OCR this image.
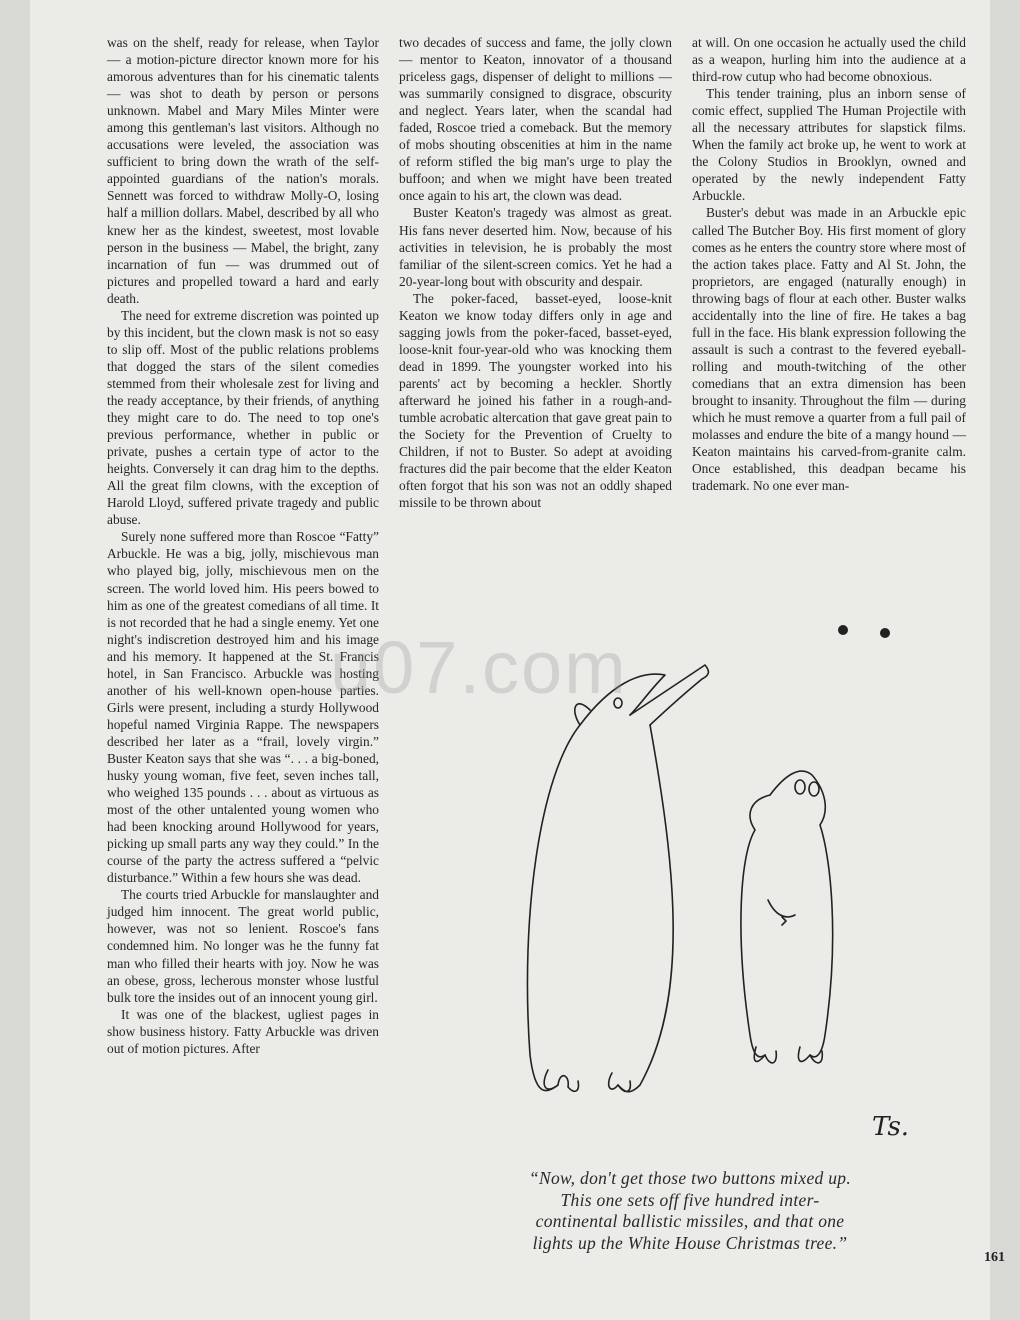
was on the shelf, ready for release, when Taylor — a motion-picture director known more for his amorous adventures than for his cinematic talents — was shot to death by person or persons unknown. Mabel and Mary Miles Minter were among this gentleman's last visitors. Although no accusations were leveled, the association was sufficient to bring down the wrath of the self-appointed guardians of the nation's morals. Sennett was forced to withdraw Molly-O, losing half a million dollars. Mabel, described by all who knew her as the kindest, sweetest, most lovable person in the business — Mabel, the bright, zany incarnation of fun — was drummed out of pictures and propelled toward a hard and early death.

The need for extreme discretion was pointed up by this incident, but the clown mask is not so easy to slip off. Most of the public relations problems that dogged the stars of the silent comedies stemmed from their wholesale zest for living and the ready acceptance, by their friends, of anything they might care to do. The need to top one's previous performance, whether in public or private, pushes a certain type of actor to the heights. Conversely it can drag him to the depths. All the great film clowns, with the exception of Harold Lloyd, suffered private tragedy and public abuse.

Surely none suffered more than Roscoe “Fatty” Arbuckle. He was a big, jolly, mischievous man who played big, jolly, mischievous men on the screen. The world loved him. His peers bowed to him as one of the greatest comedians of all time. It is not recorded that he had a single enemy. Yet one night's indiscretion destroyed him and his image and his memory. It happened at the St. Francis hotel, in San Francisco. Arbuckle was hosting another of his well-known open-house parties. Girls were present, including a sturdy Hollywood hopeful named Virginia Rappe. The newspapers described her later as a “frail, lovely virgin.” Buster Keaton says that she was “. . . a big-boned, husky young woman, five feet, seven inches tall, who weighed 135 pounds . . . about as virtuous as most of the other untalented young women who had been knocking around Hollywood for years, picking up small parts any way they could.” In the course of the party the actress suffered a “pelvic disturbance.” Within a few hours she was dead.

The courts tried Arbuckle for manslaughter and judged him innocent. The great world public, however, was not so lenient. Roscoe's fans condemned him. No longer was he the funny fat man who filled their hearts with joy. Now he was an obese, gross, lecherous monster whose lustful bulk tore the insides out of an innocent young girl.

It was one of the blackest, ugliest pages in show business history. Fatty Arbuckle was driven out of motion pictures. After

two decades of success and fame, the jolly clown — mentor to Keaton, innovator of a thousand priceless gags, dispenser of delight to millions — was summarily consigned to disgrace, obscurity and neglect. Years later, when the scandal had faded, Roscoe tried a comeback. But the memory of mobs shouting obscenities at him in the name of reform stifled the big man's urge to play the buffoon; and when we might have been treated once again to his art, the clown was dead.

Buster Keaton's tragedy was almost as great. His fans never deserted him. Now, because of his activities in television, he is probably the most familiar of the silent-screen comics. Yet he had a 20-year-long bout with obscurity and despair.

The poker-faced, basset-eyed, loose-knit Keaton we know today differs only in age and sagging jowls from the poker-faced, basset-eyed, loose-knit four-year-old who was knocking them dead in 1899. The youngster worked into his parents' act by becoming a heckler. Shortly afterward he joined his father in a rough-and-tumble acrobatic altercation that gave great pain to the Society for the Prevention of Cruelty to Children, if not to Buster. So adept at avoiding fractures did the pair become that the elder Keaton often forgot that his son was not an oddly shaped missile to be thrown about

at will. On one occasion he actually used the child as a weapon, hurling him into the audience at a third-row cutup who had become obnoxious.

This tender training, plus an inborn sense of comic effect, supplied The Human Projectile with all the necessary attributes for slapstick films. When the family act broke up, he went to work at the Colony Studios in Brooklyn, owned and operated by the newly independent Fatty Arbuckle.

Buster's debut was made in an Arbuckle epic called The Butcher Boy. His first moment of glory comes as he enters the country store where most of the action takes place. Fatty and Al St. John, the proprietors, are engaged (naturally enough) in throwing bags of flour at each other. Buster walks accidentally into the line of fire. He takes a bag full in the face. His blank expression following the assault is such a contrast to the fevered eyeball-rolling and mouth-twitching of the other comedians that an extra dimension has been brought to insanity. Throughout the film — during which he must remove a quarter from a full pail of molasses and endure the bite of a mangy hound — Keaton maintains his carved-from-granite calm. Once established, this deadpan became his trademark. No one ever man-

Ts.
“Now, don't get those two buttons mixed up.
This one sets off five hundred inter-
continental ballistic missiles, and that one
lights up the White House Christmas tree.”
u07.com
161
